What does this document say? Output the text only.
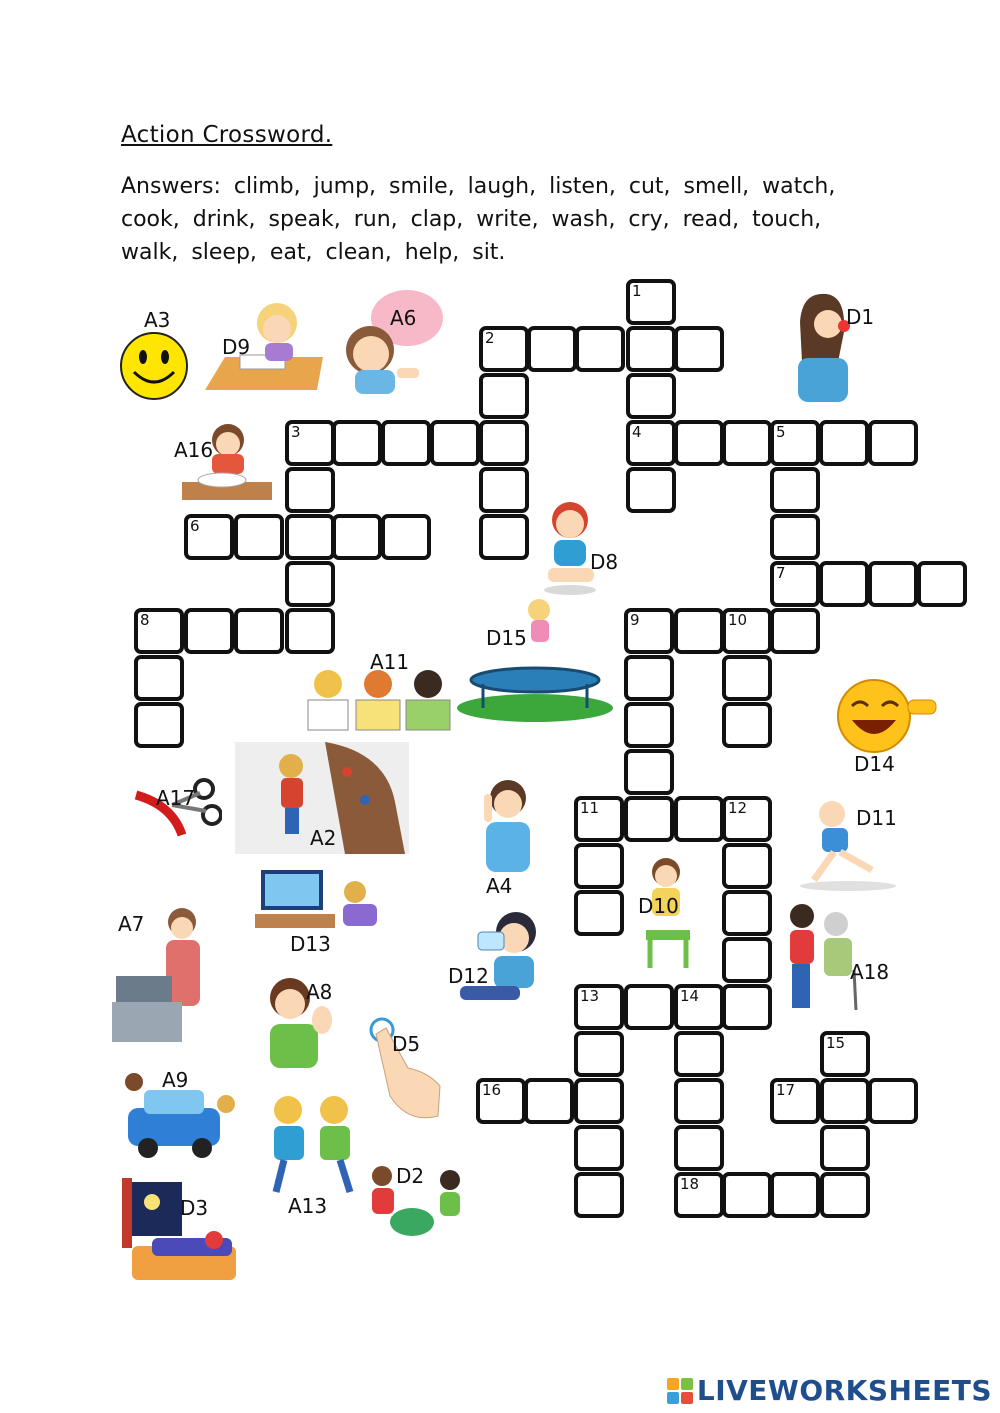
Action Crossword.
Answers: climb, jump, smile, laugh, listen, cut, smell, watch,
cook, drink, speak, run, clap, write, wash, cry, read, touch,
walk, sleep, eat, clean, help, sit.
1
4
2
3	5
7
6
8	9	10
11	12
13	14
16
15
17
18
A3
D9
A6	D1
A16
D8
D15
A11
D14
A17
A2
A4
D11
D10
A18
D13
A7
D12
A8
D5
A9
A13
D2
D3
LIVEWORKSHEETS
